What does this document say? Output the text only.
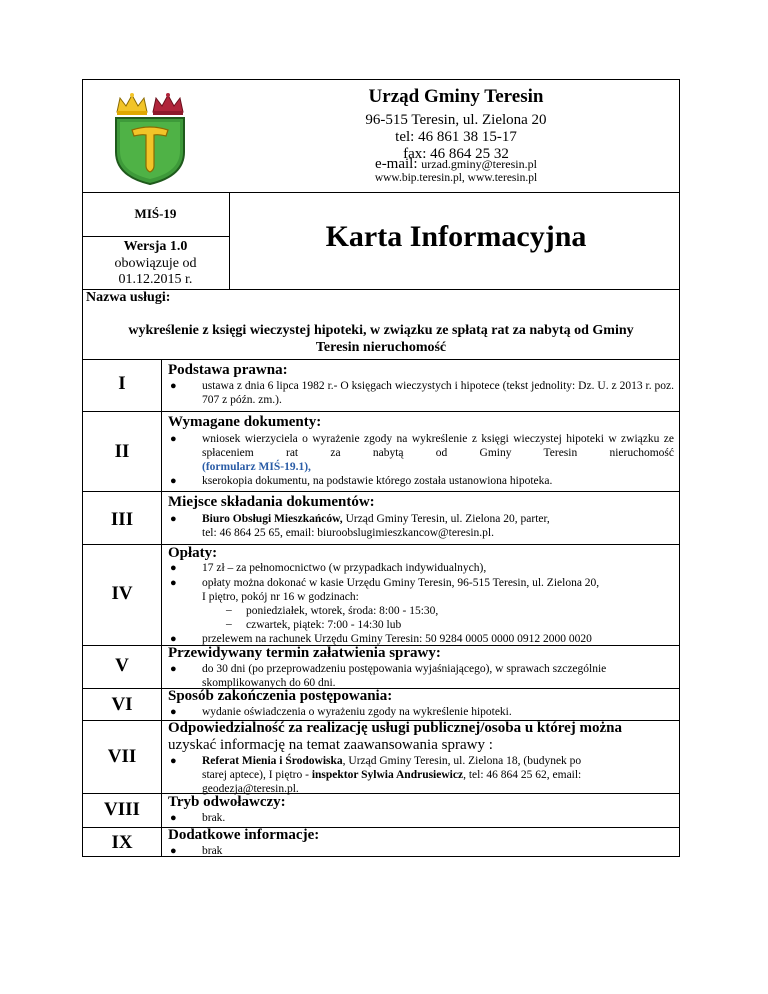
Urząd Gminy Teresin
96-515 Teresin, ul. Zielona 20
tel: 46 861 38 15-17
fax: 46 864 25 32
e-mail: urzad.gminy@teresin.pl
www.bip.teresin.pl, www.teresin.pl
MIŚ-19
Wersja 1.0
obowiązuje od
01.12.2015 r.
Karta Informacyjna
Nazwa usługi:
wykreślenie z księgi wieczystej hipoteki, w związku ze spłatą rat za nabytą od Gminy
Teresin nieruchomość
I
Podstawa prawna:
● ustawa z dnia 6 lipca 1982 r.- O księgach wieczystych i hipotece (tekst jednolity: Dz. U. z 2013 r. poz. 707 z późn. zm.).
II
Wymagane dokumenty:
● wniosek wierzyciela o wyrażenie zgody na wykreślenie z księgi wieczystej hipoteki w związku ze spłaceniem rat za nabytą od Gminy Teresin nieruchomość
(formularz MIŚ-19.1),
● kserokopia dokumentu, na podstawie którego została ustanowiona hipoteka.
III
Miejsce składania dokumentów:
● Biuro Obsługi Mieszkańców, Urząd Gminy Teresin, ul. Zielona 20, parter,
tel: 46 864 25 65, email: biuroobslugimieszkancow@teresin.pl.
IV
Opłaty:
● 17 zł – za pełnomocnictwo (w przypadkach indywidualnych),
● opłaty można dokonać w kasie Urzędu Gminy Teresin, 96-515 Teresin, ul. Zielona 20,
I piętro, pokój nr 16 w godzinach:
– poniedziałek, wtorek, środa: 8:00 - 15:30,
– czwartek, piątek: 7:00 - 14:30 lub
● przelewem na rachunek Urzędu Gminy Teresin: 50 9284 0005 0000 0912 2000 0020
V
Przewidywany termin załatwienia sprawy:
● do 30 dni (po przeprowadzeniu postępowania wyjaśniającego), w sprawach szczególnie
skomplikowanych do 60 dni.
VI	Sposób zakończenia postępowania:
● wydanie oświadczenia o wyrażeniu zgody na wykreślenie hipoteki.
VII
Odpowiedzialność za realizację usługi publicznej/osoba u której można
uzyskać informację na temat zaawansowania sprawy :
● Referat Mienia i Środowiska, Urząd Gminy Teresin, ul. Zielona 18, (budynek po
starej aptece), I piętro - inspektor Sylwia Andrusiewicz, tel: 46 864 25 62, email:
geodezja@teresin.pl.
VIII	Tryb odwoławczy:
● brak.
IX	Dodatkowe informacje:
● brak
